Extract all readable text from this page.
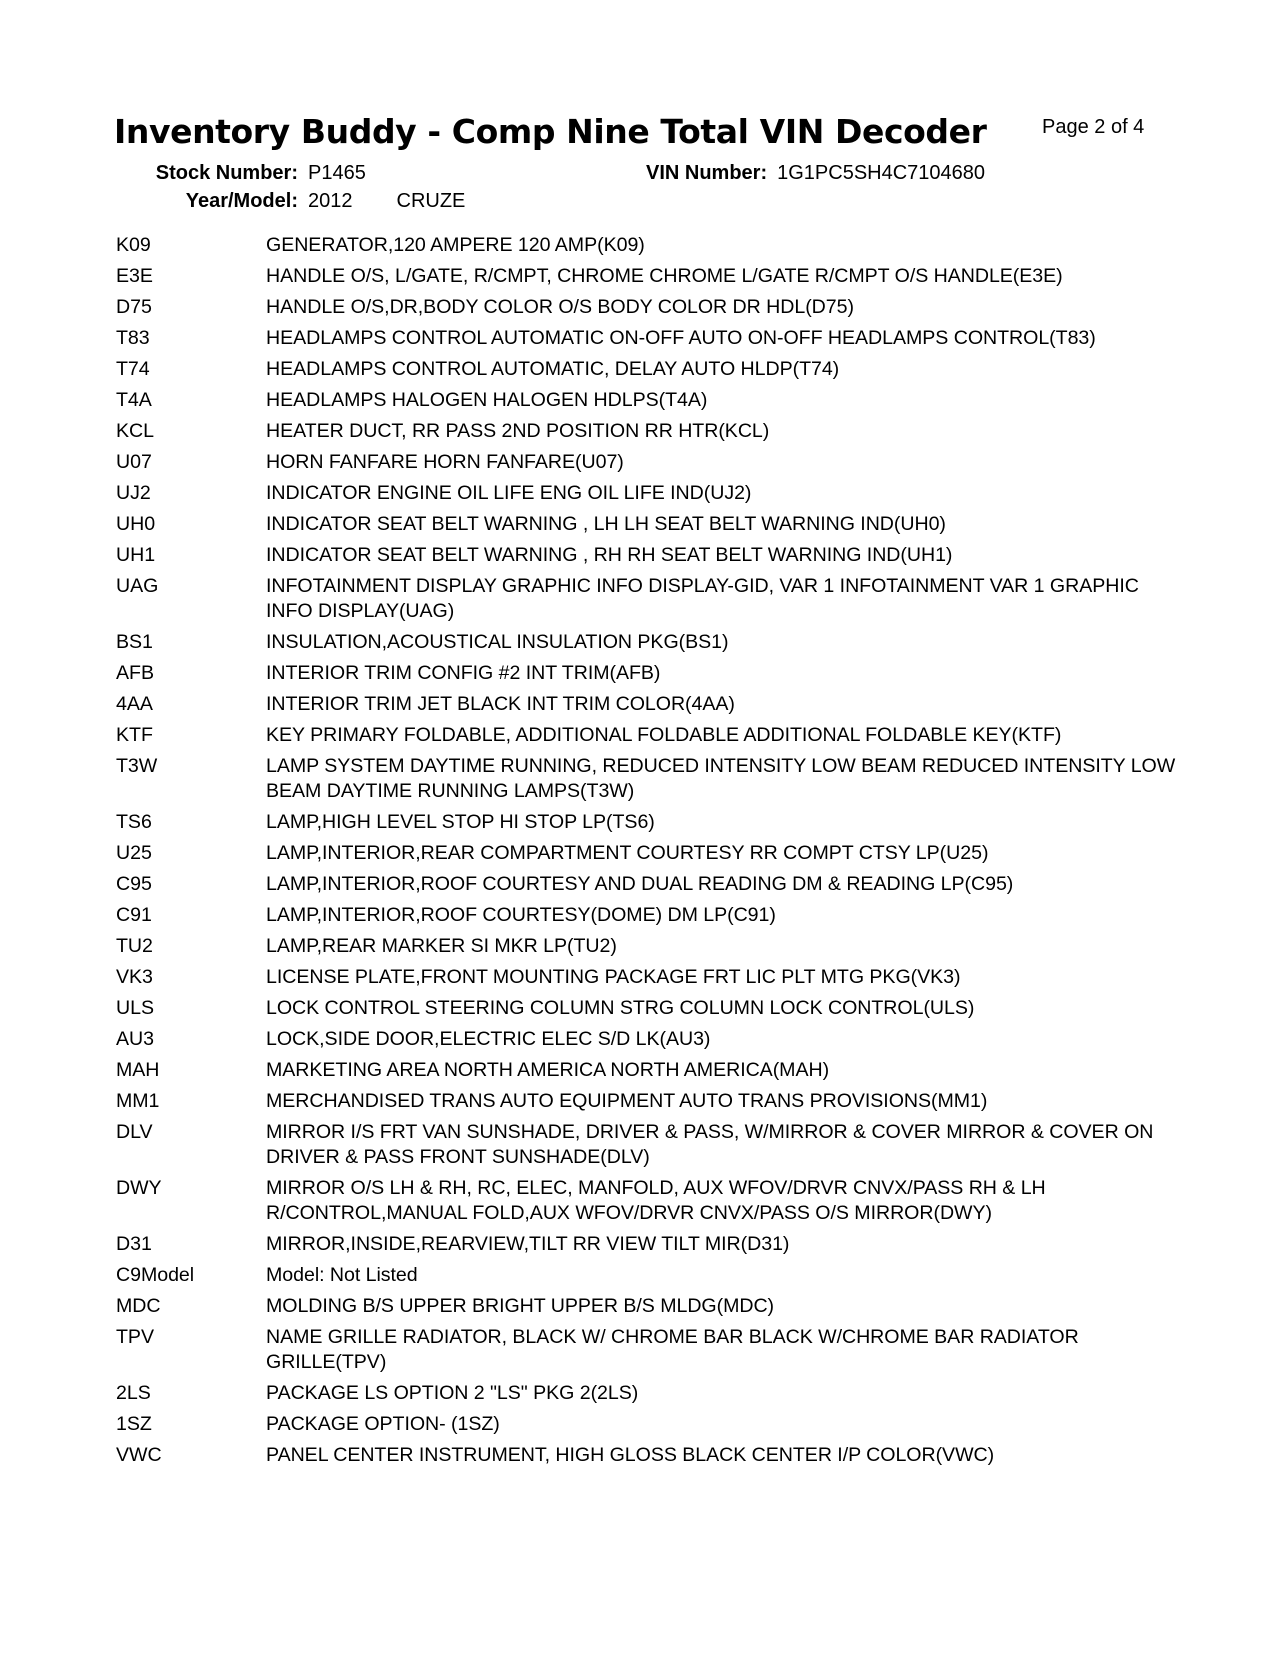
Inventory Buddy - Comp Nine Total VIN Decoder	Page 2 of 4
Stock Number: P1465	VIN Number: 1G1PC5SH4C7104680
Year/Model: 2012 CRUZE
K09	GENERATOR,120 AMPERE 120 AMP(K09)
E3E	HANDLE O/S, L/GATE, R/CMPT, CHROME CHROME L/GATE R/CMPT O/S HANDLE(E3E)
D75	HANDLE O/S,DR,BODY COLOR O/S BODY COLOR DR HDL(D75)
T83	HEADLAMPS CONTROL AUTOMATIC ON-OFF AUTO ON-OFF HEADLAMPS CONTROL(T83)
T74	HEADLAMPS CONTROL AUTOMATIC, DELAY AUTO HLDP(T74)
T4A	HEADLAMPS HALOGEN HALOGEN HDLPS(T4A)
KCL	HEATER DUCT, RR PASS 2ND POSITION RR HTR(KCL)
U07	HORN FANFARE HORN FANFARE(U07)
UJ2	INDICATOR ENGINE OIL LIFE ENG OIL LIFE IND(UJ2)
UH0	INDICATOR SEAT BELT WARNING , LH LH SEAT BELT WARNING IND(UH0)
UH1	INDICATOR SEAT BELT WARNING , RH RH SEAT BELT WARNING IND(UH1)
UAG	INFOTAINMENT DISPLAY GRAPHIC INFO DISPLAY-GID, VAR 1 INFOTAINMENT VAR 1 GRAPHIC INFO DISPLAY(UAG)
BS1	INSULATION,ACOUSTICAL INSULATION PKG(BS1)
AFB	INTERIOR TRIM CONFIG #2 INT TRIM(AFB)
4AA	INTERIOR TRIM JET BLACK INT TRIM COLOR(4AA)
KTF	KEY PRIMARY FOLDABLE, ADDITIONAL FOLDABLE ADDITIONAL FOLDABLE KEY(KTF)
T3W	LAMP SYSTEM DAYTIME RUNNING, REDUCED INTENSITY LOW BEAM REDUCED INTENSITY LOW BEAM DAYTIME RUNNING LAMPS(T3W)
TS6	LAMP,HIGH LEVEL STOP HI STOP LP(TS6)
U25	LAMP,INTERIOR,REAR COMPARTMENT COURTESY RR COMPT CTSY LP(U25)
C95	LAMP,INTERIOR,ROOF COURTESY AND DUAL READING DM & READING LP(C95)
C91	LAMP,INTERIOR,ROOF COURTESY(DOME) DM LP(C91)
TU2	LAMP,REAR MARKER SI MKR LP(TU2)
VK3	LICENSE PLATE,FRONT MOUNTING PACKAGE FRT LIC PLT MTG PKG(VK3)
ULS	LOCK CONTROL STEERING COLUMN STRG COLUMN LOCK CONTROL(ULS)
AU3	LOCK,SIDE DOOR,ELECTRIC ELEC S/D LK(AU3)
MAH	MARKETING AREA NORTH AMERICA NORTH AMERICA(MAH)
MM1	MERCHANDISED TRANS AUTO EQUIPMENT AUTO TRANS PROVISIONS(MM1)
DLV	MIRROR I/S FRT VAN SUNSHADE, DRIVER & PASS, W/MIRROR & COVER MIRROR & COVER ON DRIVER & PASS FRONT SUNSHADE(DLV)
DWY	MIRROR O/S LH & RH, RC, ELEC, MANFOLD, AUX WFOV/DRVR CNVX/PASS RH & LH R/CONTROL,MANUAL FOLD,AUX WFOV/DRVR CNVX/PASS O/S MIRROR(DWY)
D31	MIRROR,INSIDE,REARVIEW,TILT RR VIEW TILT MIR(D31)
C9Model	Model: Not Listed
MDC	MOLDING B/S UPPER BRIGHT UPPER B/S MLDG(MDC)
TPV	NAME GRILLE RADIATOR, BLACK W/ CHROME BAR BLACK W/CHROME BAR RADIATOR GRILLE(TPV)
2LS	PACKAGE LS OPTION 2 "LS" PKG 2(2LS)
1SZ	PACKAGE OPTION- (1SZ)
VWC	PANEL CENTER INSTRUMENT, HIGH GLOSS BLACK CENTER I/P COLOR(VWC)
